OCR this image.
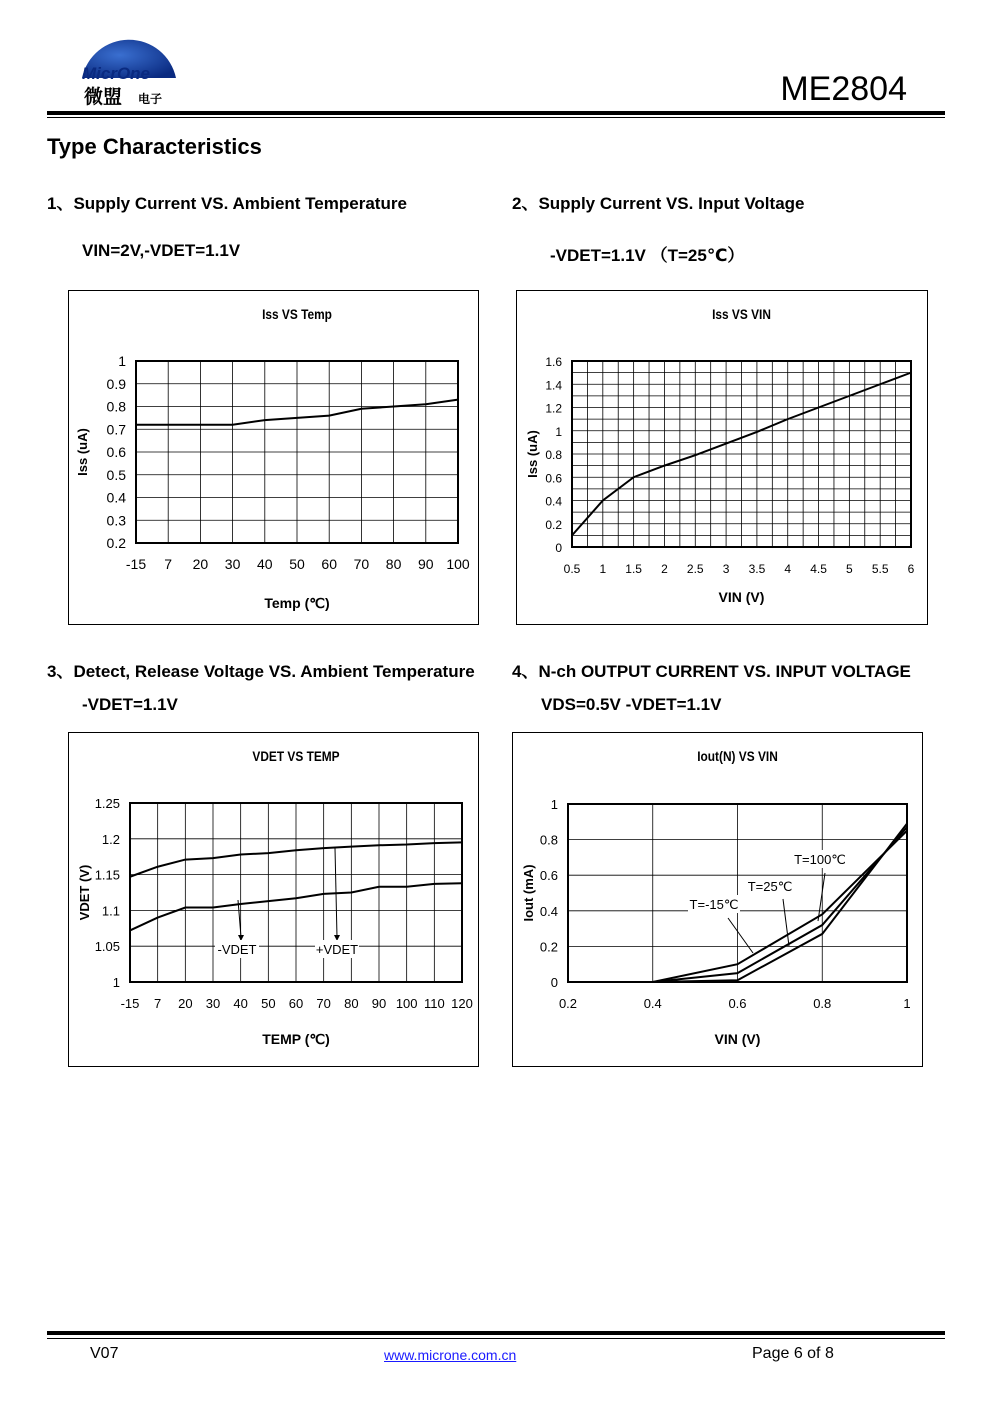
MicrOne
微盟 电子	ME2804
Type Characteristics
1、Supply Current VS. Ambient Temperature
VIN=2V,-VDET=1.1V
Iss VS Temp
0.2
0.3
0.4
0.5
0.6
0.7
0.8
0.9
1
-15 7 20 30 40 50 60 70 80 90 100
Temp (℃)
Iss (uA)
2、Supply Current VS. Input Voltage
-VDET=1.1V （T=25℃）
Iss VS VIN
0
0.2
0.4
0.6
0.8
1
1.2
1.4
1.6
0.5 1 1.5 2 2.5 3 3.5 4 4.5 5 5.5 6
VIN (V)
Iss (uA)
3、Detect, Release Voltage VS. Ambient Temperature
-VDET=1.1V
VDET VS TEMP
1
1.05
1.1
1.15
1.2
1.25
-15 7 20 30 40 50 60 70 80 90 100 110 120
TEMP (℃)
VDET (V)
-VDET	+VDET
4、N-ch OUTPUT CURRENT VS. INPUT VOLTAGE
VDS=0.5V -VDET=1.1V
Iout(N) VS VIN
0
0.2
0.4
0.6
0.8
1
0.2	0.4	0.6	0.8	1
VIN (V)
Iout (mA)	T=-15℃
T=25℃
T=100℃
V07	www.microne.com.cn	Page 6 of 8
